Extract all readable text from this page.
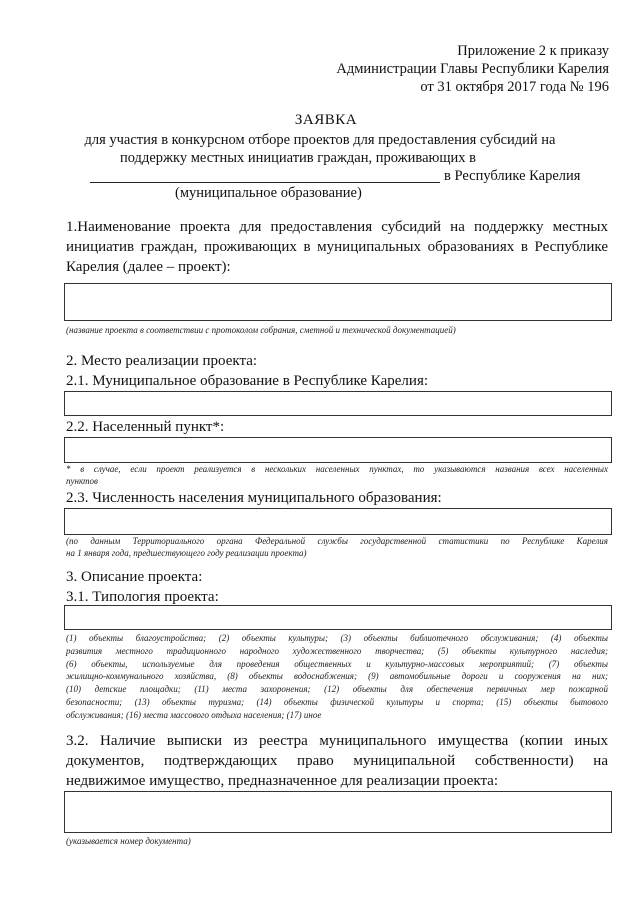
Приложение 2 к приказу
Администрации Главы Республики Карелия
от 31 октября 2017 года № 196
ЗАЯВКА
для участия в конкурсном отборе проектов для предоставления субсидий на
поддержку местных инициатив граждан, проживающих в
в Республике Карелия
(муниципальное образование)
1.Наименование проекта для предоставления субсидий на поддержку местных
инициатив граждан, проживающих в муниципальных образованиях в Республике
Карелия (далее – проект):
(название проекта в соответствии с протоколом собрания, сметной и технической документацией)
2. Место реализации проекта:
2.1. Муниципальное образование в Республике Карелия:
2.2. Населенный пункт*:
* в случае, если проект реализуется в нескольких населенных пунктах, то указываются названия всех населенных
пунктов
2.3. Численность населения муниципального образования:
(по данным Территориального органа Федеральной службы государственной статистики по Республике Карелия
на 1 января года, предшествующего году реализации проекта)
3. Описание проекта:
3.1. Типология проекта:
(1) объекты благоустройства; (2) объекты культуры; (3) объекты библиотечного обслуживания; (4) объекты
развития местного традиционного народного художественного творчества; (5) объекты культурного наследия;
(6) объекты, используемые для проведения общественных и культурно-массовых мероприятий; (7) объекты
жилищно-коммунального хозяйства, (8) объекты водоснабжения; (9) автомобильные дороги и сооружения на них;
(10) детские площадки; (11) места захоронения; (12) объекты для обеспечения первичных мер пожарной
безопасности; (13) объекты туризма; (14) объекты физической культуры и спорта; (15) объекты бытового
обслуживания; (16) места массового отдыха населения; (17) иное
3.2. Наличие выписки из реестра муниципального имущества (копии иных
документов, подтверждающих право муниципальной собственности) на
недвижимое имущество, предназначенное для реализации проекта:
(указывается номер документа)
